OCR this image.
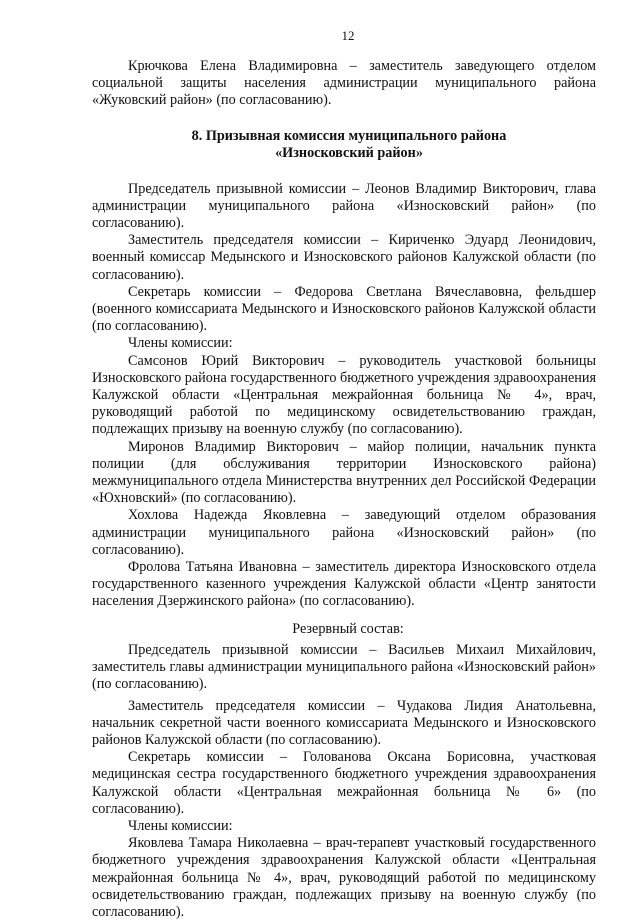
12

Крючкова Елена Владимировна – заместитель заведующего отделом социальной защиты населения администрации муниципального района «Жуковский район» (по согласованию).

8. Призывная комиссия муниципального района
«Износковский район»

Председатель призывной комиссии – Леонов Владимир Викторович, глава администрации муниципального района «Износковский район» (по согласованию).

Заместитель председателя комиссии – Кириченко Эдуард Леонидович, военный комиссар Медынского и Износковского районов Калужской области (по согласованию).

Секретарь комиссии – Федорова Светлана Вячеславовна, фельдшер (военного комиссариата Медынского и Износковского районов Калужской области (по согласованию).

Члены комиссии:

Самсонов Юрий Викторович – руководитель участковой больницы Износковского района государственного бюджетного учреждения здравоохранения Калужской области «Центральная межрайонная больница № 4», врач, руководящий работой по медицинскому освидетельствованию граждан, подлежащих призыву на военную службу (по согласованию).

Миронов Владимир Викторович – майор полиции, начальник пункта полиции (для обслуживания территории Износковского района) межмуниципального отдела Министерства внутренних дел Российской Федерации «Юхновский» (по согласованию).

Хохлова Надежда Яковлевна – заведующий отделом образования администрации муниципального района «Износковский район» (по согласованию).

Фролова Татьяна Ивановна – заместитель директора Износковского отдела государственного казенного учреждения Калужской области «Центр занятости населения Дзержинского района» (по согласованию).

Резервный состав:

Председатель призывной комиссии – Васильев Михаил Михайлович, заместитель главы администрации муниципального района «Износковский район» (по согласованию).

Заместитель председателя комиссии – Чудакова Лидия Анатольевна, начальник секретной части военного комиссариата Медынского и Износковского районов Калужской области (по согласованию).

Секретарь комиссии – Голованова Оксана Борисовна, участковая медицинская сестра государственного бюджетного учреждения здравоохранения Калужской области «Центральная межрайонная больница № 6» (по согласованию).

Члены комиссии:

Яковлева Тамара Николаевна – врач-терапевт участковый государственного бюджетного учреждения здравоохранения Калужской области «Центральная межрайонная больница № 4», врач, руководящий работой по медицинскому освидетельствованию граждан, подлежащих призыву на военную службу (по согласованию).
